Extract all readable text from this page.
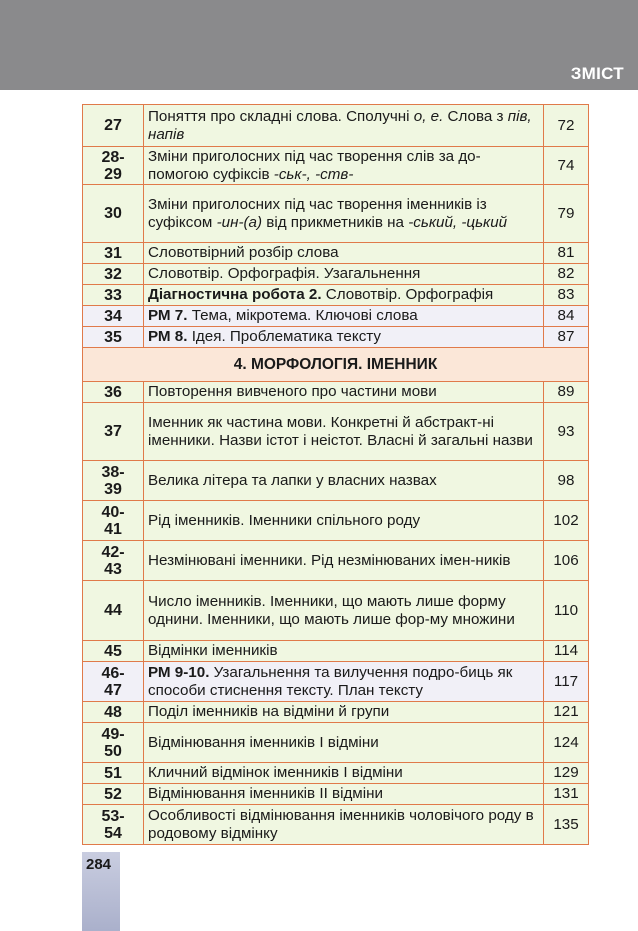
ЗМІСТ
27	Поняття про складні слова. Сполучні о, е. Слова з пів, напів	72
28-
29	Зміни приголосних під час творення слів за до-помогою суфіксів -ськ-, -ств-	74
30	Зміни приголосних під час творення іменників із суфіксом -ин-(а) від прикметників на -ський, -цький	79
31	Словотвірний розбір слова	81
32	Словотвір. Орфографія. Узагальнення	82
33	Діагностична робота 2. Словотвір. Орфографія	83
34	РМ 7. Тема, мікротема. Ключові слова	84
35	РМ 8. Ідея. Проблематика тексту	87
4. МОРФОЛОГІЯ. ІМЕННИК		
36	Повторення вивченого про частини мови	89
37	Іменник як частина мови. Конкретні й абстракт-ні іменники. Назви істот і неістот. Власні й загальні назви	93
38-
39	Велика літера та лапки у власних назвах	98
40-
41	Рід іменників. Іменники спільного роду	102
42-
43	Незмінювані іменники. Рід незмінюваних імен-ників	106
44	Число іменників. Іменники, що мають лише форму однини. Іменники, що мають лише фор-му множини	110
45	Відмінки іменників	114
46-
47	РМ 9-10. Узагальнення та вилучення подро-биць як способи стиснення тексту. План тексту	117
48	Поділ іменників на відміни й групи	121
49-
50	Відмінювання іменників І відміни	124
51	Кличний відмінок іменників І відміни	129
52	Відмінювання іменників ІІ відміни	131
53-
54	Особливості відмінювання іменників чоловічого роду в родовому відмінку	135
284
